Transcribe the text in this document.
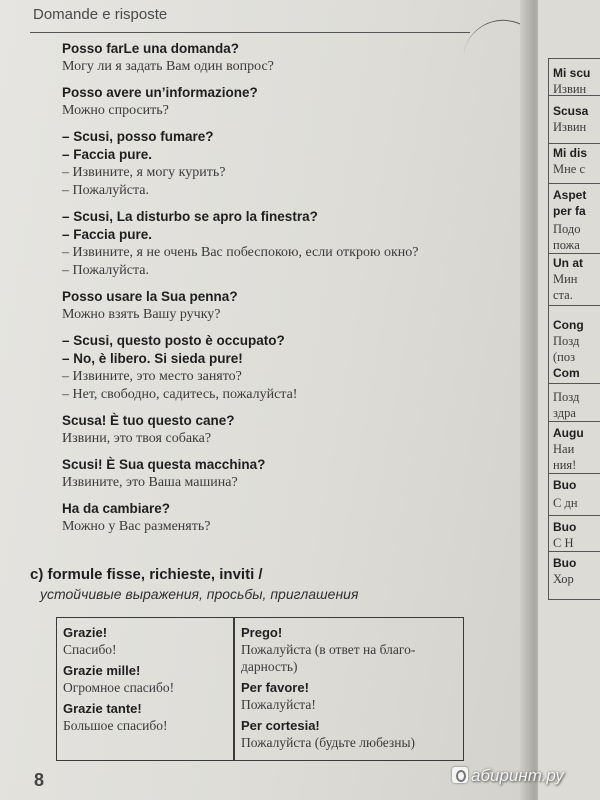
Domande e risposte
Posso farLe una domanda?
Могу ли я задать Вам один вопрос?
Posso avere un’informazione?
Можно спросить?
– Scusi, posso fumare?
– Faccia pure.
– Извините, я могу курить?
– Пожалуйста.
– Scusi, La disturbo se apro la finestra?
– Faccia pure.
– Извините, я не очень Вас побеспокою, если открою окно?
– Пожалуйста.
Posso usare la Sua penna?
Можно взять Вашу ручку?
– Scusi, questo posto è occupato?
– No, è libero. Si sieda pure!
– Извините, это место занято?
– Нет, свободно, садитесь, пожалуйста!
Scusa! È tuo questo cane?
Извини, это твоя собака?
Scusi! È Sua questa macchina?
Извините, это Ваша машина?
Ha da cambiare?
Можно у Вас разменять?
c) formule fisse, richieste, inviti /
устойчивые выражения, просьбы, приглашения
Grazie!
Спасибо!
Grazie mille!
Огромное спасибо!
Grazie tante!
Большое спасибо!
Prego!
Пожалуйста (в ответ на благо-
дарность)
Per favore!
Пожалуйста!
Per cortesia!
Пожалуйста (будьте любезны)
8
Mi scu
Извин
Scusa
Извин
Mi dis
Мне с
Aspet
per fa
Подо
пожа
Un at
Мин
ста.
Cong
Позд
(поз
Com
Позд
здра
Augu
Наи
ния!
Buo
С дн
Buo
С Н
Buo
Хор
абиринт.ру
